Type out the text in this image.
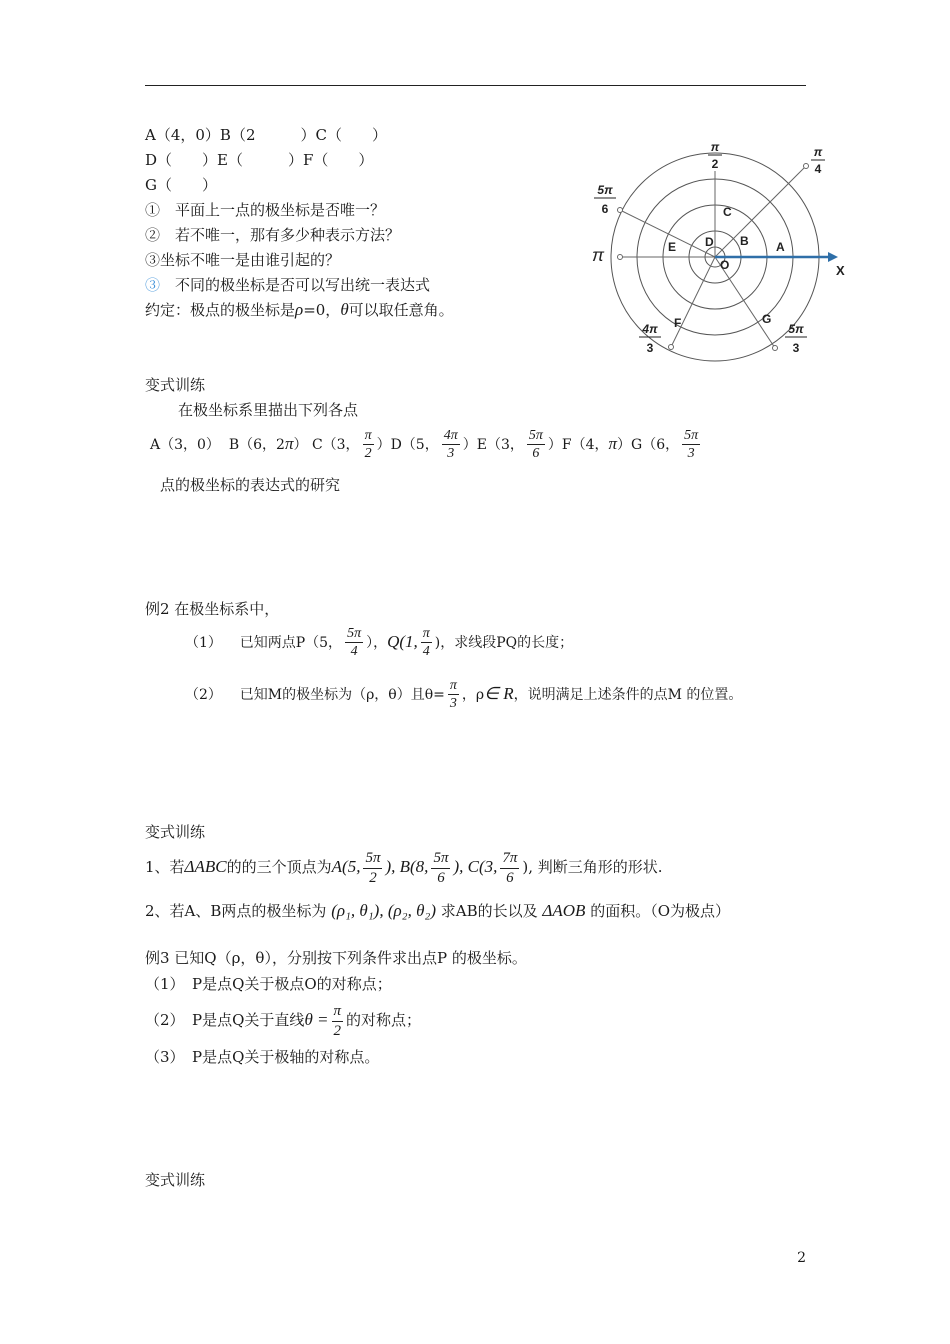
A（4，0）B（2　　　）C（　　）
D（　　）E（　　　）F（　　）
G（　　）
①　平面上一点的极坐标是否唯一？
②　若不唯一，那有多少种表示方法？
③坐标不唯一是由谁引起的？
③　不同的极坐标是否可以写出统一表达式
约定：极点的极坐标是ρ=0，θ可以取任意角。
C
B
D
E	A
O
F	G
X
π
2
π
4
5π
6
π
4π
3
5π
3
变式训练
在极坐标系里描出下列各点
A（3，0） B（6，2π） C（3， $\frac{\pi}{2} )D(5$， $\frac{4\pi}{3} )E(3$， $\frac{5\pi}{6} )F(4$，π）G（6， $\frac{5\pi}{3}$
点的极坐标的表达式的研究
例2 在极坐标系中，
（1） 已知两点P（5， $\frac{5\pi}{4}$ ），Q(1, $\frac{\pi}{4}$ )，求线段PQ的长度；
（2） 已知M的极坐标为（ρ，θ）且$\theta= \frac{\pi}{3}$ ，ρ∈ R，说明满足上述条件的点M 的位置。
变式训练
1、若ΔABC的的三个顶点为A(5, $\frac{5\pi}{2}$ ), B(8, $\frac{5\pi}{6}$ ), C(3, $\frac{7\pi}{6}$ ), 判断三角形的形状.
2、若A、B两点的极坐标为 (ρ₁, θ₁), (ρ₂, θ₂) 求AB的长以及 ΔAOB 的面积。（O为极点）
例3 已知Q（ρ，θ），分别按下列条件求出点P 的极坐标。
（1）　P是点Q关于极点O的对称点；
（2）　P是点Q关于直线$\theta = \frac{\pi}{2}$ 的对称点；
（3）　P是点Q关于极轴的对称点。
变式训练
2
